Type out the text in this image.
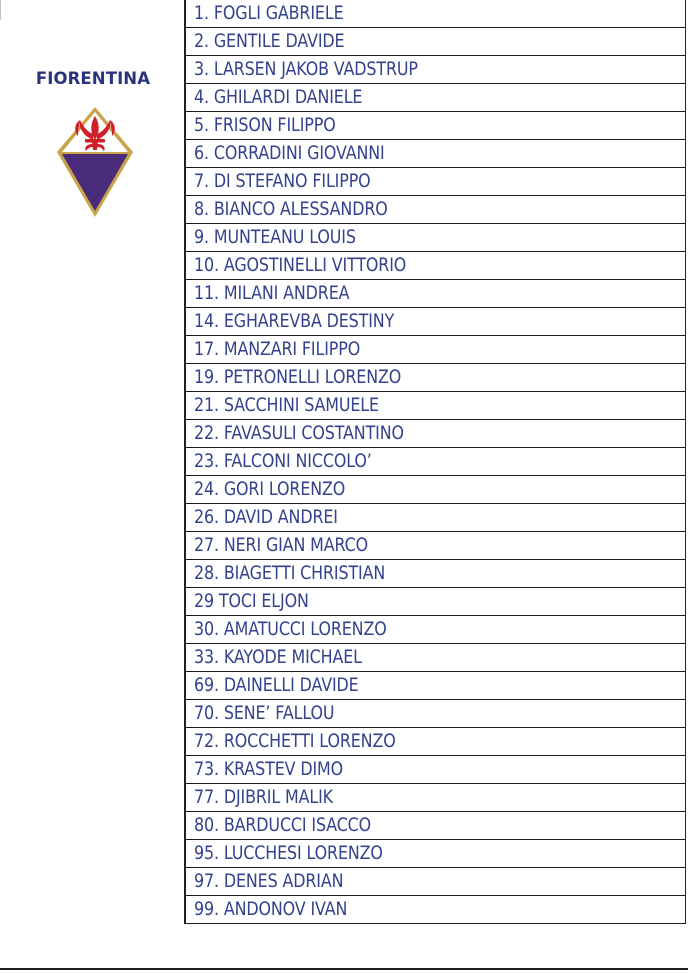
FIORENTINA
1. FOGLI GABRIELE
2. GENTILE DAVIDE
3. LARSEN JAKOB VADSTRUP
4. GHILARDI DANIELE
5. FRISON FILIPPO
6. CORRADINI GIOVANNI
7. DI STEFANO FILIPPO
8. BIANCO ALESSANDRO
9. MUNTEANU LOUIS
10. AGOSTINELLI VITTORIO
11. MILANI ANDREA
14. EGHAREVBA DESTINY
17. MANZARI FILIPPO
19. PETRONELLI LORENZO
21. SACCHINI SAMUELE
22. FAVASULI COSTANTINO
23. FALCONI NICCOLO’
24. GORI LORENZO
26. DAVID ANDREI
27. NERI GIAN MARCO
28. BIAGETTI CHRISTIAN
29 TOCI ELJON
30. AMATUCCI LORENZO
33. KAYODE MICHAEL
69. DAINELLI DAVIDE
70. SENE’ FALLOU
72. ROCCHETTI LORENZO
73. KRASTEV DIMO
77. DJIBRIL MALIK
80. BARDUCCI ISACCO
95. LUCCHESI LORENZO
97. DENES ADRIAN
99. ANDONOV IVAN
